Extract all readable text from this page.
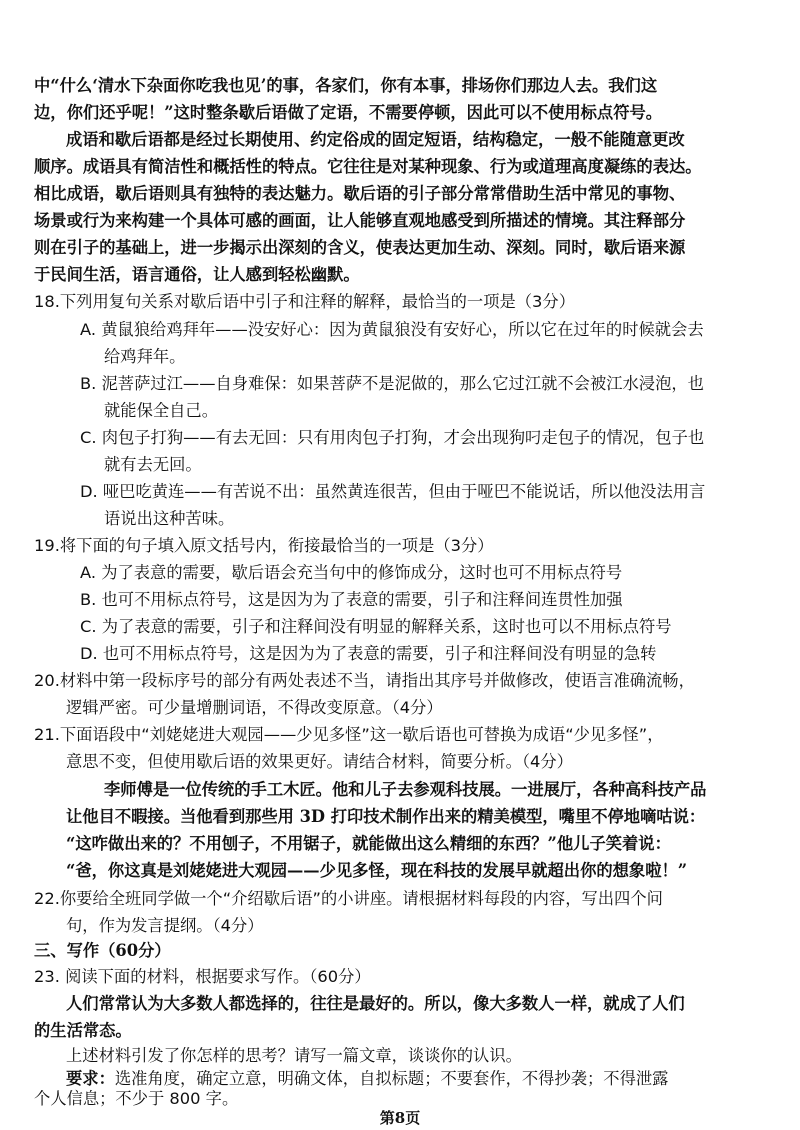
中“什么‘清水下杂面你吃我也见’的事，各家们，你有本事，排场你们那边人去。我们这
边，你们还乎呢！”这时整条歇后语做了定语，不需要停顿，因此可以不使用标点符号。
成语和歇后语都是经过长期使用、约定俗成的固定短语，结构稳定，一般不能随意更改
顺序。成语具有简洁性和概括性的特点。它往往是对某种现象、行为或道理高度凝练的表达。
相比成语，歇后语则具有独特的表达魅力。歇后语的引子部分常常借助生活中常见的事物、
场景或行为来构建一个具体可感的画面，让人能够直观地感受到所描述的情境。其注释部分
则在引子的基础上，进一步揭示出深刻的含义，使表达更加生动、深刻。同时，歇后语来源
于民间生活，语言通俗，让人感到轻松幽默。
18.下列用复句关系对歇后语中引子和注释的解释，最恰当的一项是（3分）
A. 黄鼠狼给鸡拜年——没安好心：因为黄鼠狼没有安好心，所以它在过年的时候就会去
给鸡拜年。
B. 泥菩萨过江——自身难保：如果菩萨不是泥做的，那么它过江就不会被江水浸泡，也
就能保全自己。
C. 肉包子打狗——有去无回：只有用肉包子打狗，才会出现狗叼走包子的情况，包子也
就有去无回。
D. 哑巴吃黄连——有苦说不出：虽然黄连很苦，但由于哑巴不能说话，所以他没法用言
语说出这种苦味。
19.将下面的句子填入原文括号内，衔接最恰当的一项是（3分）
A. 为了表意的需要，歇后语会充当句中的修饰成分，这时也可不用标点符号
B. 也可不用标点符号，这是因为为了表意的需要，引子和注释间连贯性加强
C. 为了表意的需要，引子和注释间没有明显的解释关系，这时也可以不用标点符号
D. 也可不用标点符号，这是因为为了表意的需要，引子和注释间没有明显的急转
20.材料中第一段标序号的部分有两处表述不当，请指出其序号并做修改，使语言准确流畅，
逻辑严密。可少量增删词语，不得改变原意。（4分）
21.下面语段中“刘姥姥进大观园——少见多怪”这一歇后语也可替换为成语“少见多怪”，
意思不变，但使用歇后语的效果更好。请结合材料，简要分析。（4分）
李师傅是一位传统的手工木匠。他和儿子去参观科技展。一进展厅，各种高科技产品
让他目不暇接。当他看到那些用 3D 打印技术制作出来的精美模型，嘴里不停地嘀咕说：
“这咋做出来的？不用刨子，不用锯子，就能做出这么精细的东西？”他儿子笑着说：
“爸，你这真是刘姥姥进大观园——少见多怪，现在科技的发展早就超出你的想象啦！”
22.你要给全班同学做一个“介绍歇后语”的小讲座。请根据材料每段的内容，写出四个问
句，作为发言提纲。（4分）
三、写作（60分）
23. 阅读下面的材料，根据要求写作。（60分）
人们常常认为大多数人都选择的，往往是最好的。所以，像大多数人一样，就成了人们
的生活常态。
上述材料引发了你怎样的思考？请写一篇文章，谈谈你的认识。
第8页
要求：选准角度，确定立意，明确文体，自拟标题；不要套作，不得抄袭；不得泄露
个人信息；不少于 800 字。
